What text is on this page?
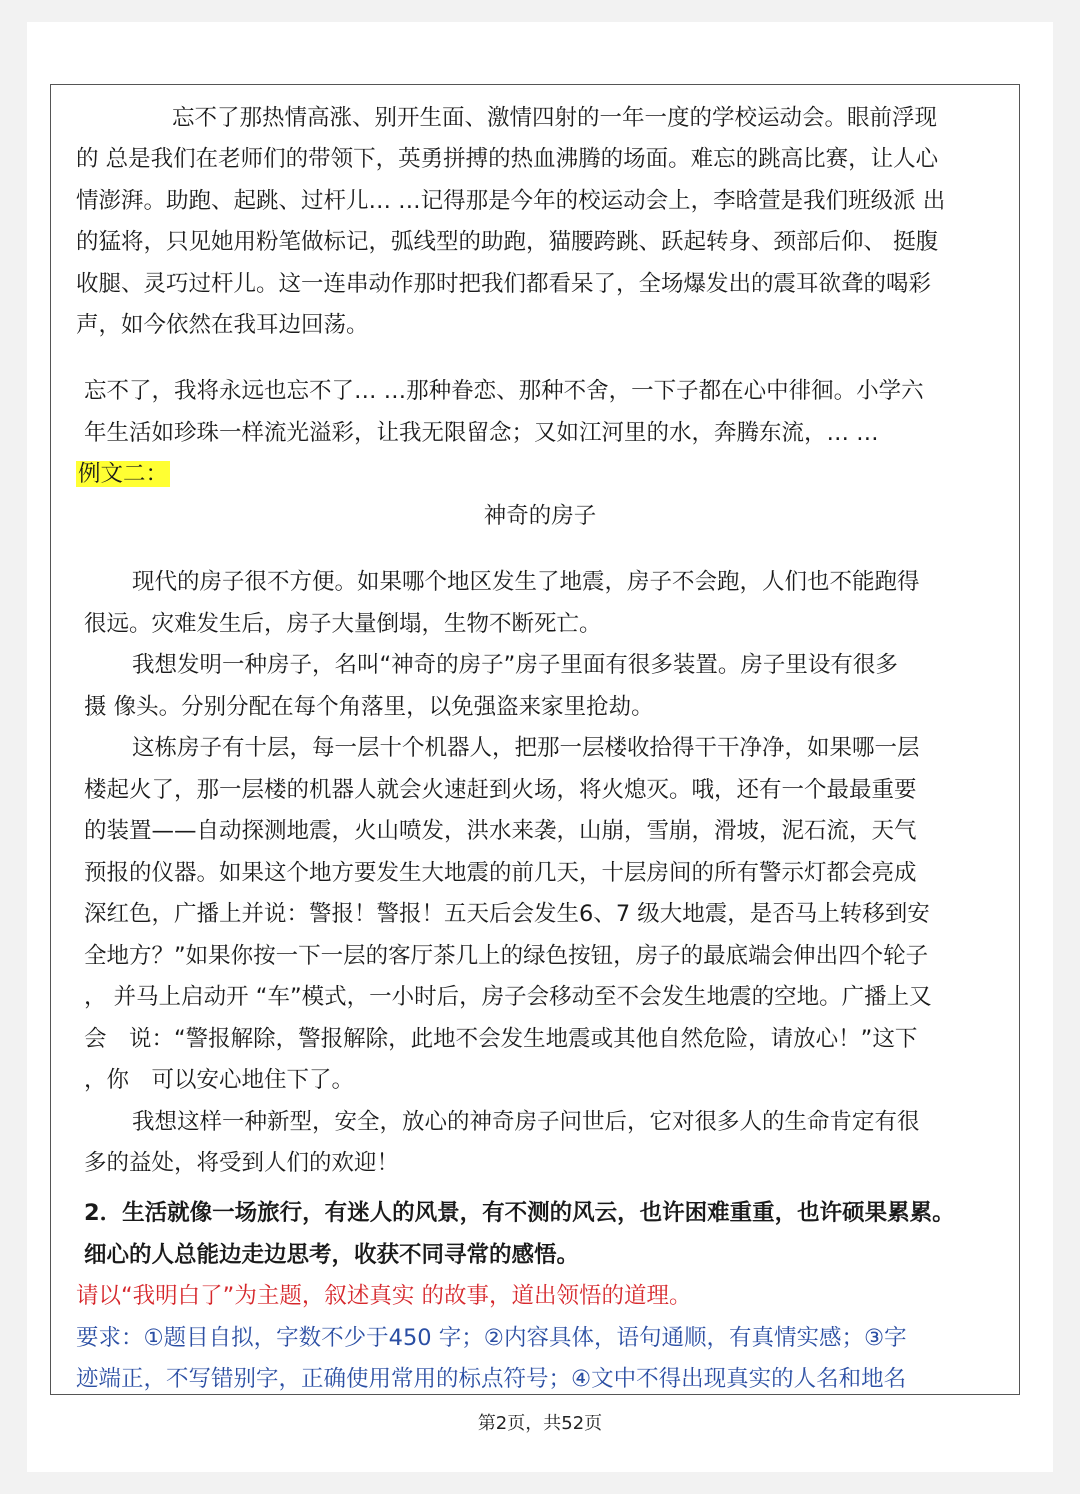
忘不了那热情高涨、别开生面、激情四射的一年一度的学校运动会。眼前浮现
的 总是我们在老师们的带领下，英勇拼搏的热血沸腾的场面。难忘的跳高比赛，让人心
情澎湃。助跑、起跳、过杆儿… …记得那是今年的校运动会上，李晗萱是我们班级派 出
的猛将，只见她用粉笔做标记，弧线型的助跑，猫腰跨跳、跃起转身、颈部后仰、 挺腹
收腿、灵巧过杆儿。这一连串动作那时把我们都看呆了，全场爆发出的震耳欲聋的喝彩
声，如今依然在我耳边回荡。
忘不了，我将永远也忘不了… …那种眷恋、那种不舍，一下子都在心中徘徊。小学六
年生活如珍珠一样流光溢彩，让我无限留念；又如江河里的水，奔腾东流，… …
例文二：
神奇的房子
现代的房子很不方便。如果哪个地区发生了地震，房子不会跑，人们也不能跑得
很远。灾难发生后，房子大量倒塌，生物不断死亡。
我想发明一种房子，名叫“神奇的房子”房子里面有很多装置。房子里设有很多
摄 像头。分别分配在每个角落里，以免强盗来家里抢劫。
这栋房子有十层，每一层十个机器人，把那一层楼收拾得干干净净，如果哪一层
楼起火了，那一层楼的机器人就会火速赶到火场，将火熄灭。哦，还有一个最最重要
的装置——自动探测地震，火山喷发，洪水来袭，山崩，雪崩，滑坡，泥石流，天气
预报的仪器。如果这个地方要发生大地震的前几天，十层房间的所有警示灯都会亮成
深红色，广播上并说：警报！警报！五天后会发生6、7 级大地震，是否马上转移到安
全地方？”如果你按一下一层的客厅茶几上的绿色按钮，房子的最底端会伸出四个轮子
， 并马上启动开 “车”模式，一小时后，房子会移动至不会发生地震的空地。广播上又
会　说：“警报解除，警报解除，此地不会发生地震或其他自然危险，请放心！”这下
，你　可以安心地住下了。
我想这样一种新型，安全，放心的神奇房子问世后，它对很多人的生命肯定有很
多的益处，将受到人们的欢迎！
2．生活就像一场旅行，有迷人的风景，有不测的风云，也许困难重重，也许硕果累累。
细心的人总能边走边思考，收获不同寻常的感悟。
请以“我明白了”为主题，叙述真实 的故事，道出领悟的道理。
要求：①题目自拟，字数不少于450 字；②内容具体，语句通顺，有真情实感；③字
迹端正，不写错别字，正确使用常用的标点符号；④文中不得出现真实的人名和地名
第2页，共52页
